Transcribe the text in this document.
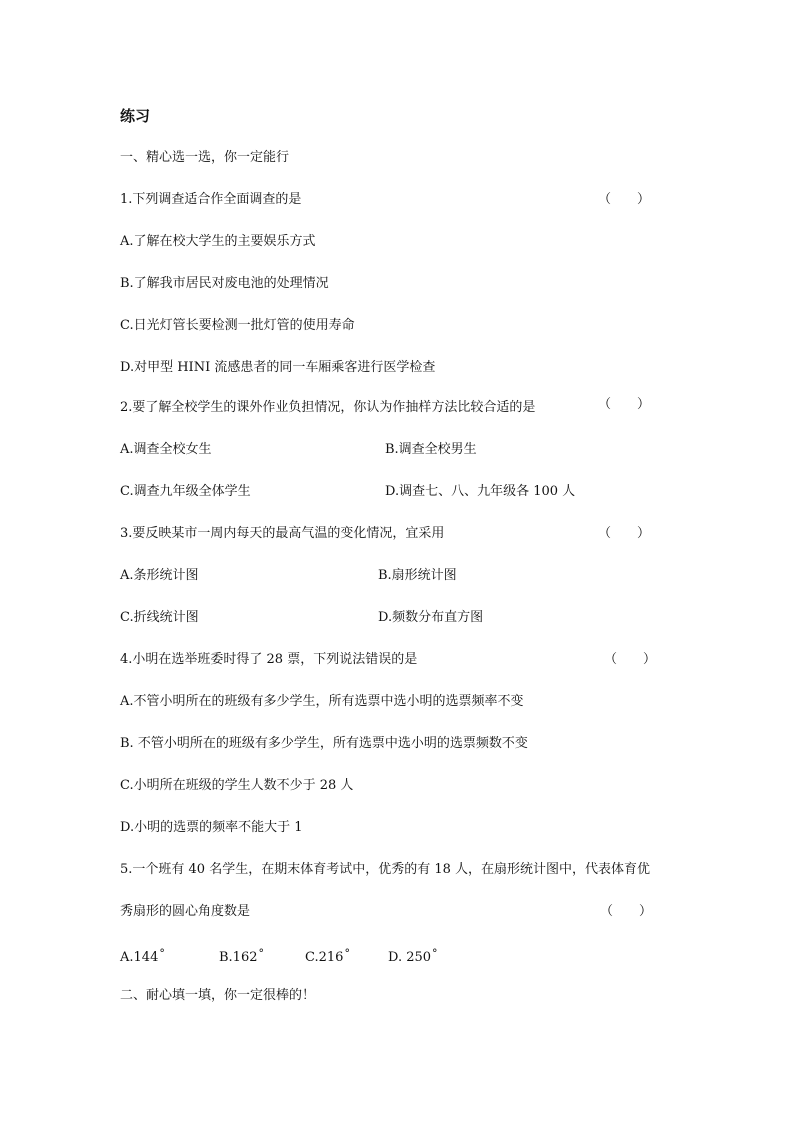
练习
一、精心选一选，你一定能行
1.下列调查适合作全面调查的是	（　　）
A.了解在校大学生的主要娱乐方式
B.了解我市居民对废电池的处理情况
C.日光灯管长要检测一批灯管的使用寿命
D.对甲型 HINI 流感患者的同一车厢乘客进行医学检查
2.要了解全校学生的课外作业负担情况，你认为作抽样方法比较合适的是	（　　）
A.调查全校女生	B.调查全校男生
C.调查九年级全体学生	D.调查七、八、九年级各 100 人
3.要反映某市一周内每天的最高气温的变化情况，宜采用	（　　）
A.条形统计图	B.扇形统计图
C.折线统计图	D.频数分布直方图
4.小明在选举班委时得了 28 票，下列说法错误的是	（　　）
A.不管小明所在的班级有多少学生，所有选票中选小明的选票频率不变
B. 不管小明所在的班级有多少学生，所有选票中选小明的选票频数不变
C.小明所在班级的学生人数不少于 28 人
D.小明的选票的频率不能大于 1
5.一个班有 40 名学生，在期末体育考试中，优秀的有 18 人，在扇形统计图中，代表体育优
秀扇形的圆心角度数是	（　　）
A.144°	B.162°	C.216°	D. 250°
二、耐心填一填，你一定很棒的！
